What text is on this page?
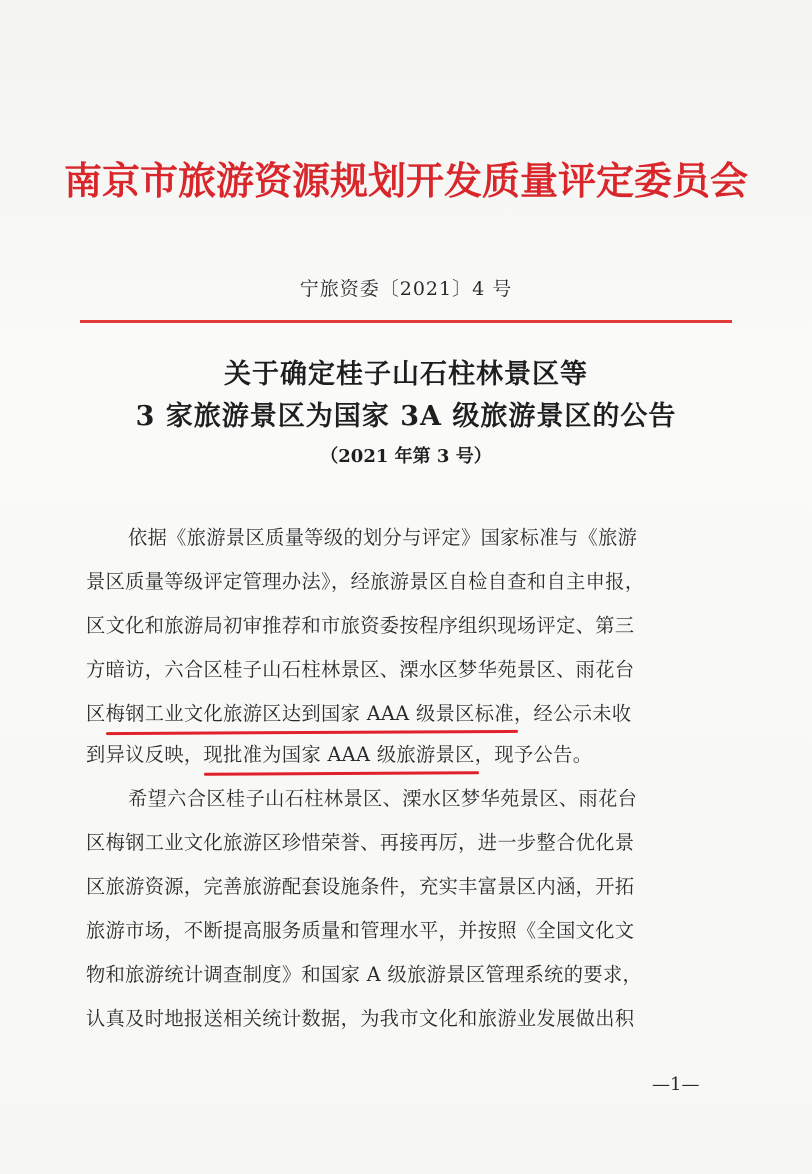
南京市旅游资源规划开发质量评定委员会
宁旅资委〔2021〕4 号
关于确定桂子山石柱林景区等
3 家旅游景区为国家 3A 级旅游景区的公告
（2021 年第 3 号）
依据《旅游景区质量等级的划分与评定》国家标准与《旅游
景区质量等级评定管理办法》，经旅游景区自检自查和自主申报，
区文化和旅游局初审推荐和市旅资委按程序组织现场评定、第三
方暗访，六合区桂子山石柱林景区、溧水区梦华苑景区、雨花台
区梅钢工业文化旅游区达到国家 AAA 级景区标准
，经公示未收
到异议反映，现批准为国家 AAA 级旅游景区
，现予公告。
希望六合区桂子山石柱林景区、溧水区梦华苑景区、雨花台
区梅钢工业文化旅游区珍惜荣誉、再接再厉，进一步整合优化景
区旅游资源，完善旅游配套设施条件，充实丰富景区内涵，开拓
旅游市场，不断提高服务质量和管理水平，并按照《全国文化文
物和旅游统计调查制度》和国家 A 级旅游景区管理系统的要求，
认真及时地报送相关统计数据，为我市文化和旅游业发展做出积
—1—
